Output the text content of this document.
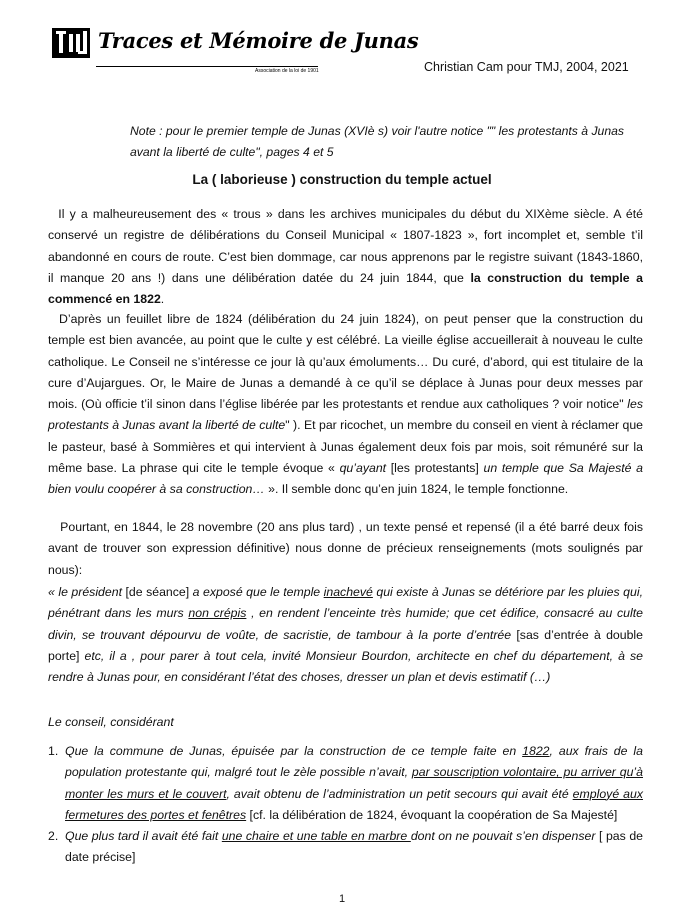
Traces et Mémoire de Junas
Association de la loi de 1901	Christian Cam pour TMJ, 2004, 2021
Note : pour le premier temple de Junas (XVIè s) voir l'autre notice "" les protestants à Junas avant la liberté de culte", pages 4 et 5
La ( laborieuse ) construction du temple actuel

Il y a malheureusement des « trous » dans les archives municipales du début du XIXème siècle. A été conservé un registre de délibérations du Conseil Municipal « 1807-1823 », fort incomplet et, semble t’il abandonné en cours de route. C’est bien dommage, car nous apprenons par le registre suivant (1843-1860, il manque 20 ans !) dans une délibération datée du 24 juin 1844, que la construction du temple a commencé en 1822.

D’après un feuillet libre de 1824 (délibération du 24 juin 1824), on peut penser que la construction du temple est bien avancée, au point que le culte y est célébré. La vieille église accueillerait à nouveau le culte catholique. Le Conseil ne s’intéresse ce jour là qu’aux émoluments… Du curé, d’abord, qui est titulaire de la cure d’Aujargues. Or, le Maire de Junas a demandé à ce qu’il se déplace à Junas pour deux messes par mois. (Où officie t’il sinon dans l’église libérée par les protestants et rendue aux catholiques ? voir notice" les protestants à Junas avant la liberté de culte" ). Et par ricochet, un membre du conseil en vient à réclamer que le pasteur, basé à Sommières et qui intervient à Junas également deux fois par mois, soit rémunéré sur la même base. La phrase qui cite le temple évoque « qu’ayant [les protestants] un temple que Sa Majesté a bien voulu coopérer à sa construction… ». Il semble donc qu’en juin 1824, le temple fonctionne.

Pourtant, en 1844, le 28 novembre (20 ans plus tard) , un texte pensé et repensé (il a été barré deux fois avant de trouver son expression définitive) nous donne de précieux renseignements (mots soulignés par nous):

« le président [de séance] a exposé que le temple inachevé qui existe à Junas se détériore par les pluies qui, pénétrant dans les murs non crépis , en rendent l’enceinte très humide; que cet édifice, consacré au culte divin, se trouvant dépourvu de voûte, de sacristie, de tambour à la porte d’entrée [sas d’entrée à double porte] etc, il a , pour parer à tout cela, invité Monsieur Bourdon, architecte en chef du département, à se rendre à Junas pour, en considérant l’état des choses, dresser un plan et devis estimatif (…)

Le conseil, considérant

1. Que la commune de Junas, épuisée par la construction de ce temple faite en 1822, aux frais de la population protestante qui, malgré tout le zèle possible n’avait, par souscription volontaire, pu arriver qu’à monter les murs et le couvert, avait obtenu de l’administration un petit secours qui avait été employé aux fermetures des portes et fenêtres [cf. la délibération de 1824, évoquant la coopération de Sa Majesté]
2. Que plus tard il avait été fait une chaire et une table en marbre dont on ne pouvait s’en dispenser [ pas de date précise]
1
